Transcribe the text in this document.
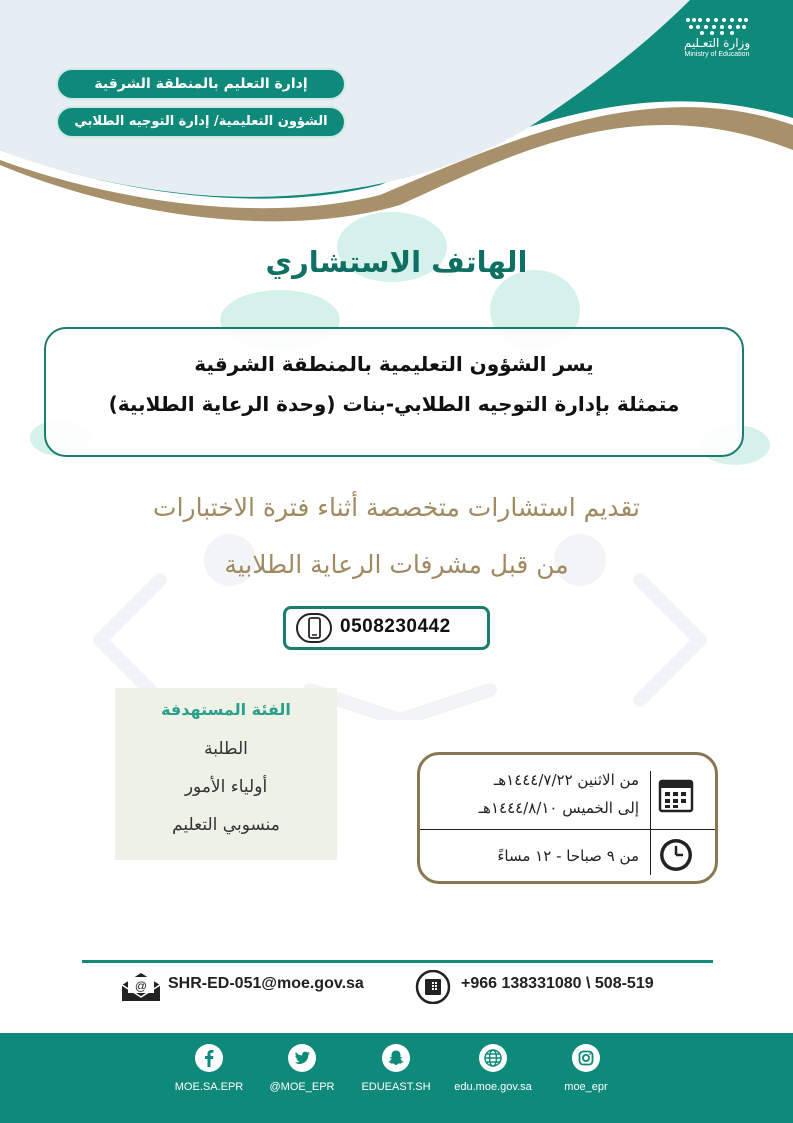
وزارة التعـليم
Ministry of Education
إدارة التعليم بالمنطقة الشرقية
الشؤون التعليمية/ إدارة التوجيه الطلابي
الهاتف الاستشاري
يسر الشؤون التعليمية بالمنطقة الشرقية
متمثلة بإدارة التوجيه الطلابي-بنات (وحدة الرعاية الطلابية)
تقديم استشارات متخصصة أثناء فترة الاختبارات
من قبل مشرفات الرعاية الطلابية
0508230442
الفئة المستهدفة
الطلبة
أولياء الأمور
منسوبي التعليم
من الاثنين ١٤٤٤/٧/٢٢هـ
إلى الخميس ١٤٤٤/٨/١٠هـ
من ٩ صباحا - ١٢ مساءً
@ SHR-ED-051@moe.gov.sa	+966 138331080 \ 508-519
MOE.SA.EPR	@MOE_EPR	EDUEAST.SH	edu.moe.gov.sa	moe_epr
